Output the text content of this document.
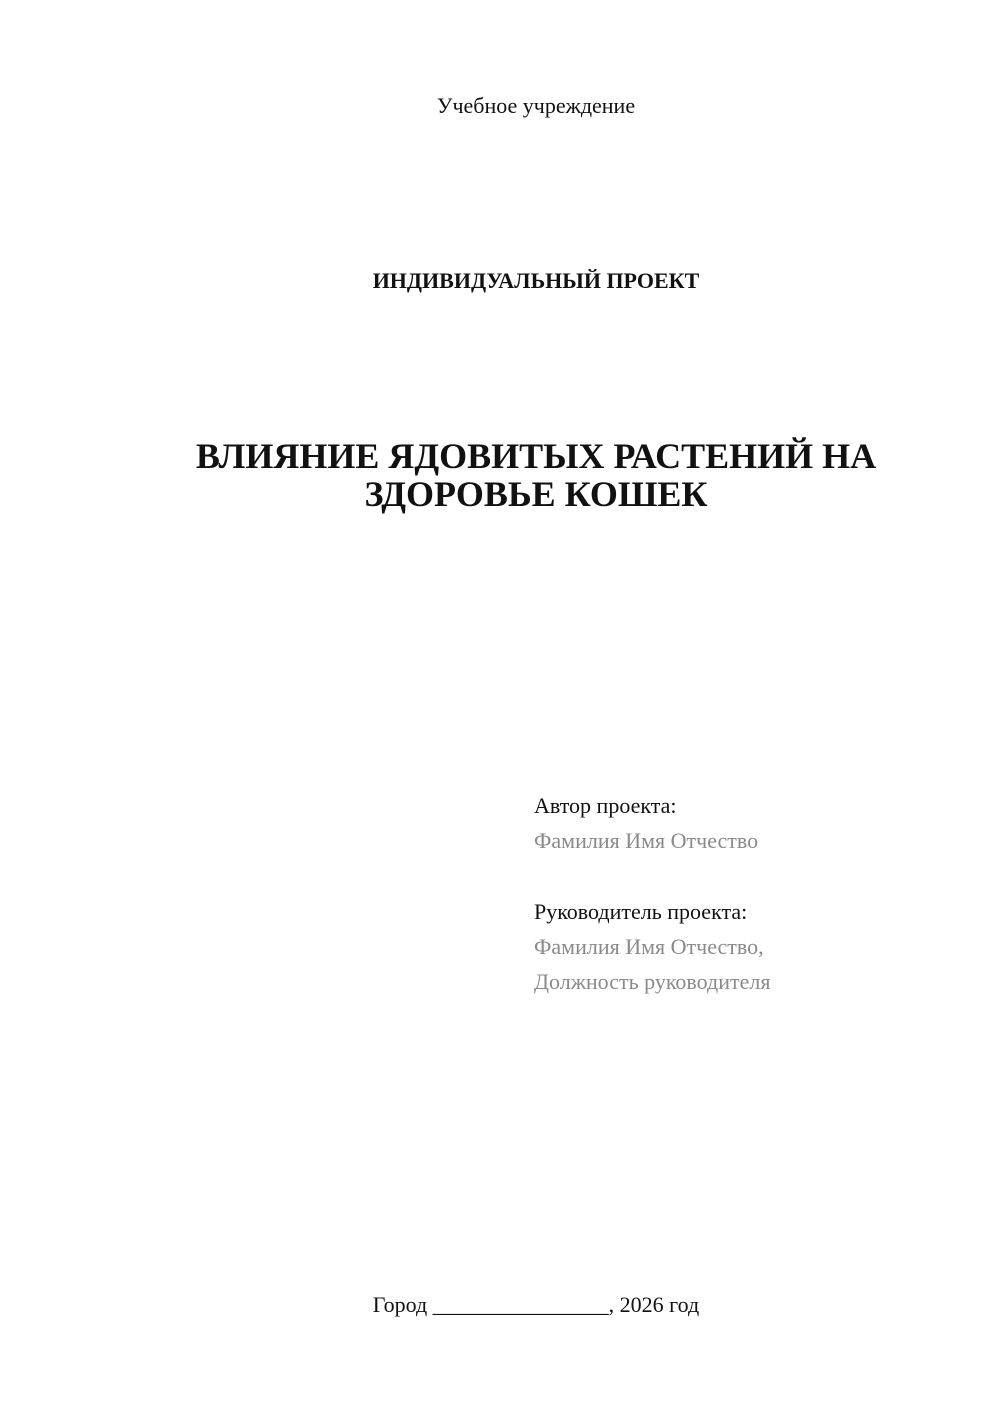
Учебное учреждение
ИНДИВИДУАЛЬНЫЙ ПРОЕКТ
ВЛИЯНИЕ ЯДОВИТЫХ РАСТЕНИЙ НА
ЗДОРОВЬЕ КОШЕК
Автор проекта:
Фамилия Имя Отчество
Руководитель проекта:
Фамилия Имя Отчество,
Должность руководителя
Город ________________, 2026 год
